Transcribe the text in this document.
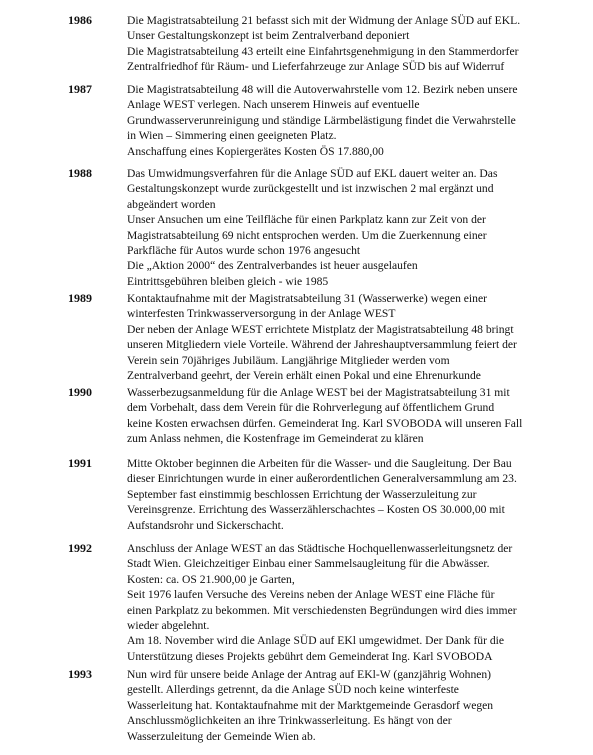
1986	Die Magistratsabteilung 21 befasst sich mit der Widmung der Anlage SÜD auf EKL.
Unser Gestaltungskonzept ist beim Zentralverband deponiert
Die Magistratsabteilung 43 erteilt eine Einfahrtsgenehmigung in den Stammerdorfer
Zentralfriedhof für Räum- und Lieferfahrzeuge zur Anlage SÜD bis auf Widerruf
1987	Die Magistratsabteilung 48 will die Autoverwahrstelle vom 12. Bezirk neben unsere
Anlage WEST verlegen. Nach unserem Hinweis auf eventuelle
Grundwasserverunreinigung und ständige Lärmbelästigung findet die Verwahrstelle
in Wien – Simmering einen geeigneten Platz.
Anschaffung eines Kopiergerätes Kosten ÖS 17.880,00
1988	Das Umwidmungsverfahren für die Anlage SÜD auf EKL dauert weiter an. Das
Gestaltungskonzept wurde zurückgestellt und ist inzwischen 2 mal ergänzt und
abgeändert worden
Unser Ansuchen um eine Teilfläche für einen Parkplatz kann zur Zeit von der
Magistratsabteilung 69 nicht entsprochen werden. Um die Zuerkennung einer
Parkfläche für Autos wurde schon 1976 angesucht
Die „Aktion 2000“ des Zentralverbandes ist heuer ausgelaufen
Eintrittsgebühren bleiben gleich - wie 1985
1989	Kontaktaufnahme mit der Magistratsabteilung 31 (Wasserwerke) wegen einer
winterfesten Trinkwasserversorgung in der Anlage WEST
Der neben der Anlage WEST errichtete Mistplatz der Magistratsabteilung 48 bringt
unseren Mitgliedern viele Vorteile. Während der Jahreshauptversammlung feiert der
Verein sein 70jähriges Jubiläum. Langjährige Mitglieder werden vom
Zentralverband geehrt, der Verein erhält einen Pokal und eine Ehrenurkunde
1990	Wasserbezugsanmeldung für die Anlage WEST bei der Magistratsabteilung 31 mit
dem Vorbehalt, dass dem Verein für die Rohrverlegung auf öffentlichem Grund
keine Kosten erwachsen dürfen. Gemeinderat Ing. Karl SVOBODA will unseren Fall
zum Anlass nehmen, die Kostenfrage im Gemeinderat zu klären
1991	Mitte Oktober beginnen die Arbeiten für die Wasser- und die Saugleitung. Der Bau
dieser Einrichtungen wurde in einer außerordentlichen Generalversammlung am 23.
September fast einstimmig beschlossen Errichtung der Wasserzuleitung zur
Vereinsgrenze. Errichtung des Wasserzählerschachtes – Kosten OS 30.000,00 mit
Aufstandsrohr und Sickerschacht.
1992	Anschluss der Anlage WEST an das Städtische Hochquellenwasserleitungsnetz der
Stadt Wien. Gleichzeitiger Einbau einer Sammelsaugleitung für die Abwässer.
Kosten: ca. OS 21.900,00 je Garten,
Seit 1976 laufen Versuche des Vereins neben der Anlage WEST eine Fläche für
einen Parkplatz zu bekommen. Mit verschiedensten Begründungen wird dies immer
wieder abgelehnt.
Am 18. November wird die Anlage SÜD auf EKl umgewidmet. Der Dank für die
Unterstützung dieses Projekts gebührt dem Gemeinderat Ing. Karl SVOBODA
1993	Nun wird für unsere beide Anlage der Antrag auf EKl-W (ganzjährig Wohnen)
gestellt. Allerdings getrennt, da die Anlage SÜD noch keine winterfeste
Wasserleitung hat. Kontaktaufnahme mit der Marktgemeinde Gerasdorf wegen
Anschlussmöglichkeiten an ihre Trinkwasserleitung. Es hängt von der
Wasserzuleitung der Gemeinde Wien ab.
